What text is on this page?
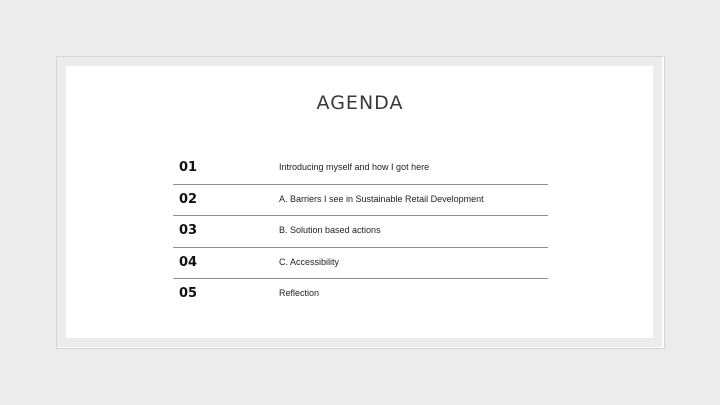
AGENDA
01	Introducing myself and how I got here
02	A. Barriers I see in Sustainable Retail Development
03	B. Solution based actions
04	C. Accessibility
05	Reflection
